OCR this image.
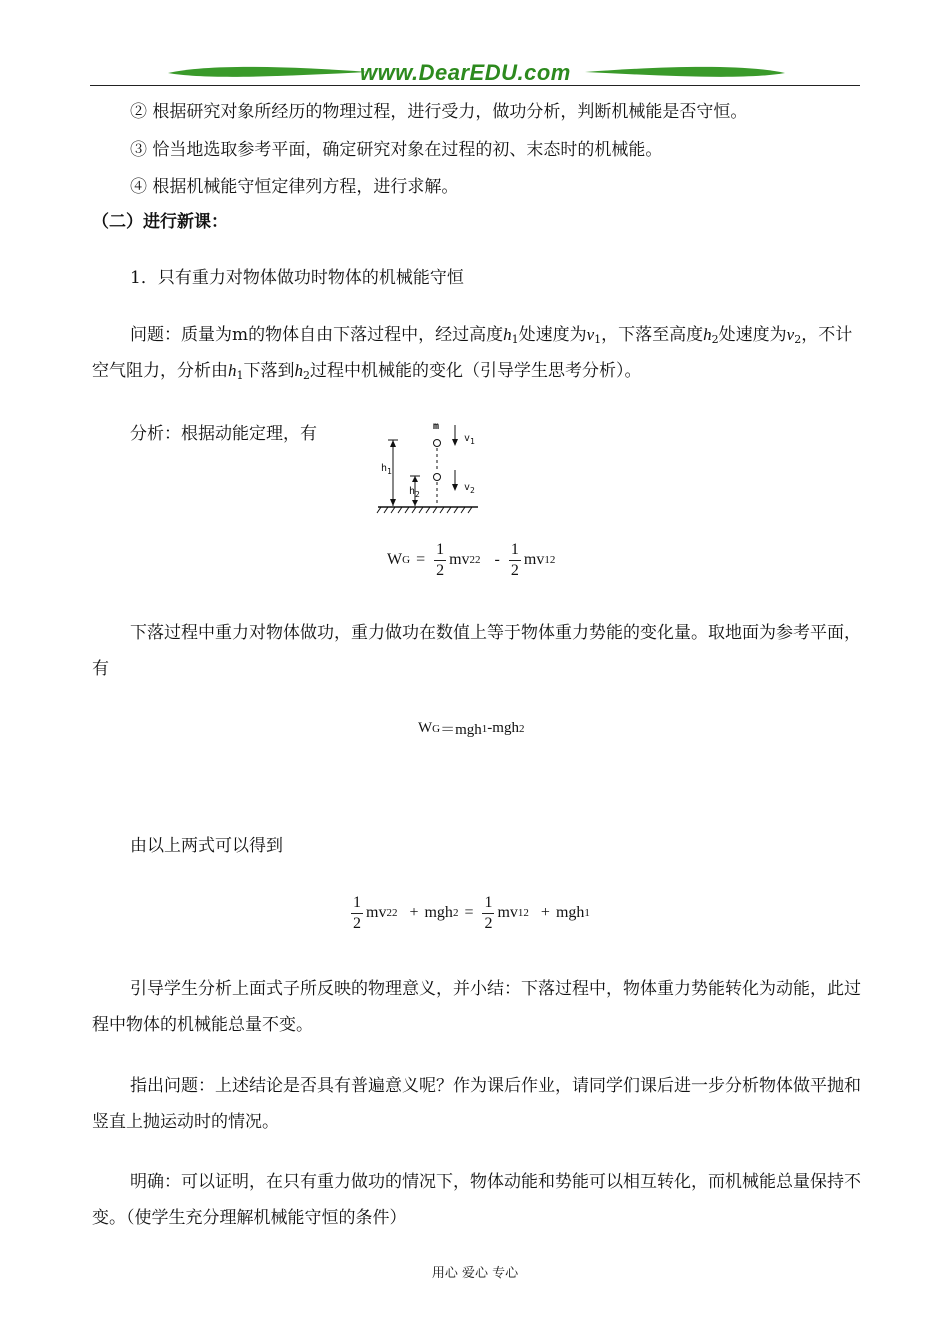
www.DearEDU.com
② 根据研究对象所经历的物理过程，进行受力，做功分析，判断机械能是否守恒。
③ 恰当地选取参考平面，确定研究对象在过程的初、末态时的机械能。
④ 根据机械能守恒定律列方程，进行求解。
（二）进行新课：
1．只有重力对物体做功时物体的机械能守恒
问题：质量为m的物体自由下落过程中，经过高度$h_1$处速度为$v_1$，下落至高度$h_2$处速度为$v_2$，不计空气阻力，分析由$h_1$下落到$h_2$过程中机械能的变化（引导学生思考分析）。
分析：根据动能定理，有	m
$v_1$
$v_2$
$h_1$
$h_2$
W $G = \frac{1}{2}$ mv 2 $2 - \frac{1}{2}$ mv 1 2
下落过程中重力对物体做功，重力做功在数值上等于物体重力势能的变化量。取地面为参考平面，有
W G ＝mgh 1 -mgh 2
由以上两式可以得到
$\frac{1}{2}$ mv 2 2 + mgh $2 = \frac{1}{2}$ mv 1 2 + mgh 1
引导学生分析上面式子所反映的物理意义，并小结：下落过程中，物体重力势能转化为动能，此过程中物体的机械能总量不变。
指出问题：上述结论是否具有普遍意义呢？作为课后作业，请同学们课后进一步分析物体做平抛和竖直上抛运动时的情况。
明确：可以证明，在只有重力做功的情况下，物体动能和势能可以相互转化，而机械能总量保持不变。（使学生充分理解机械能守恒的条件）
用心 爱心 专心
